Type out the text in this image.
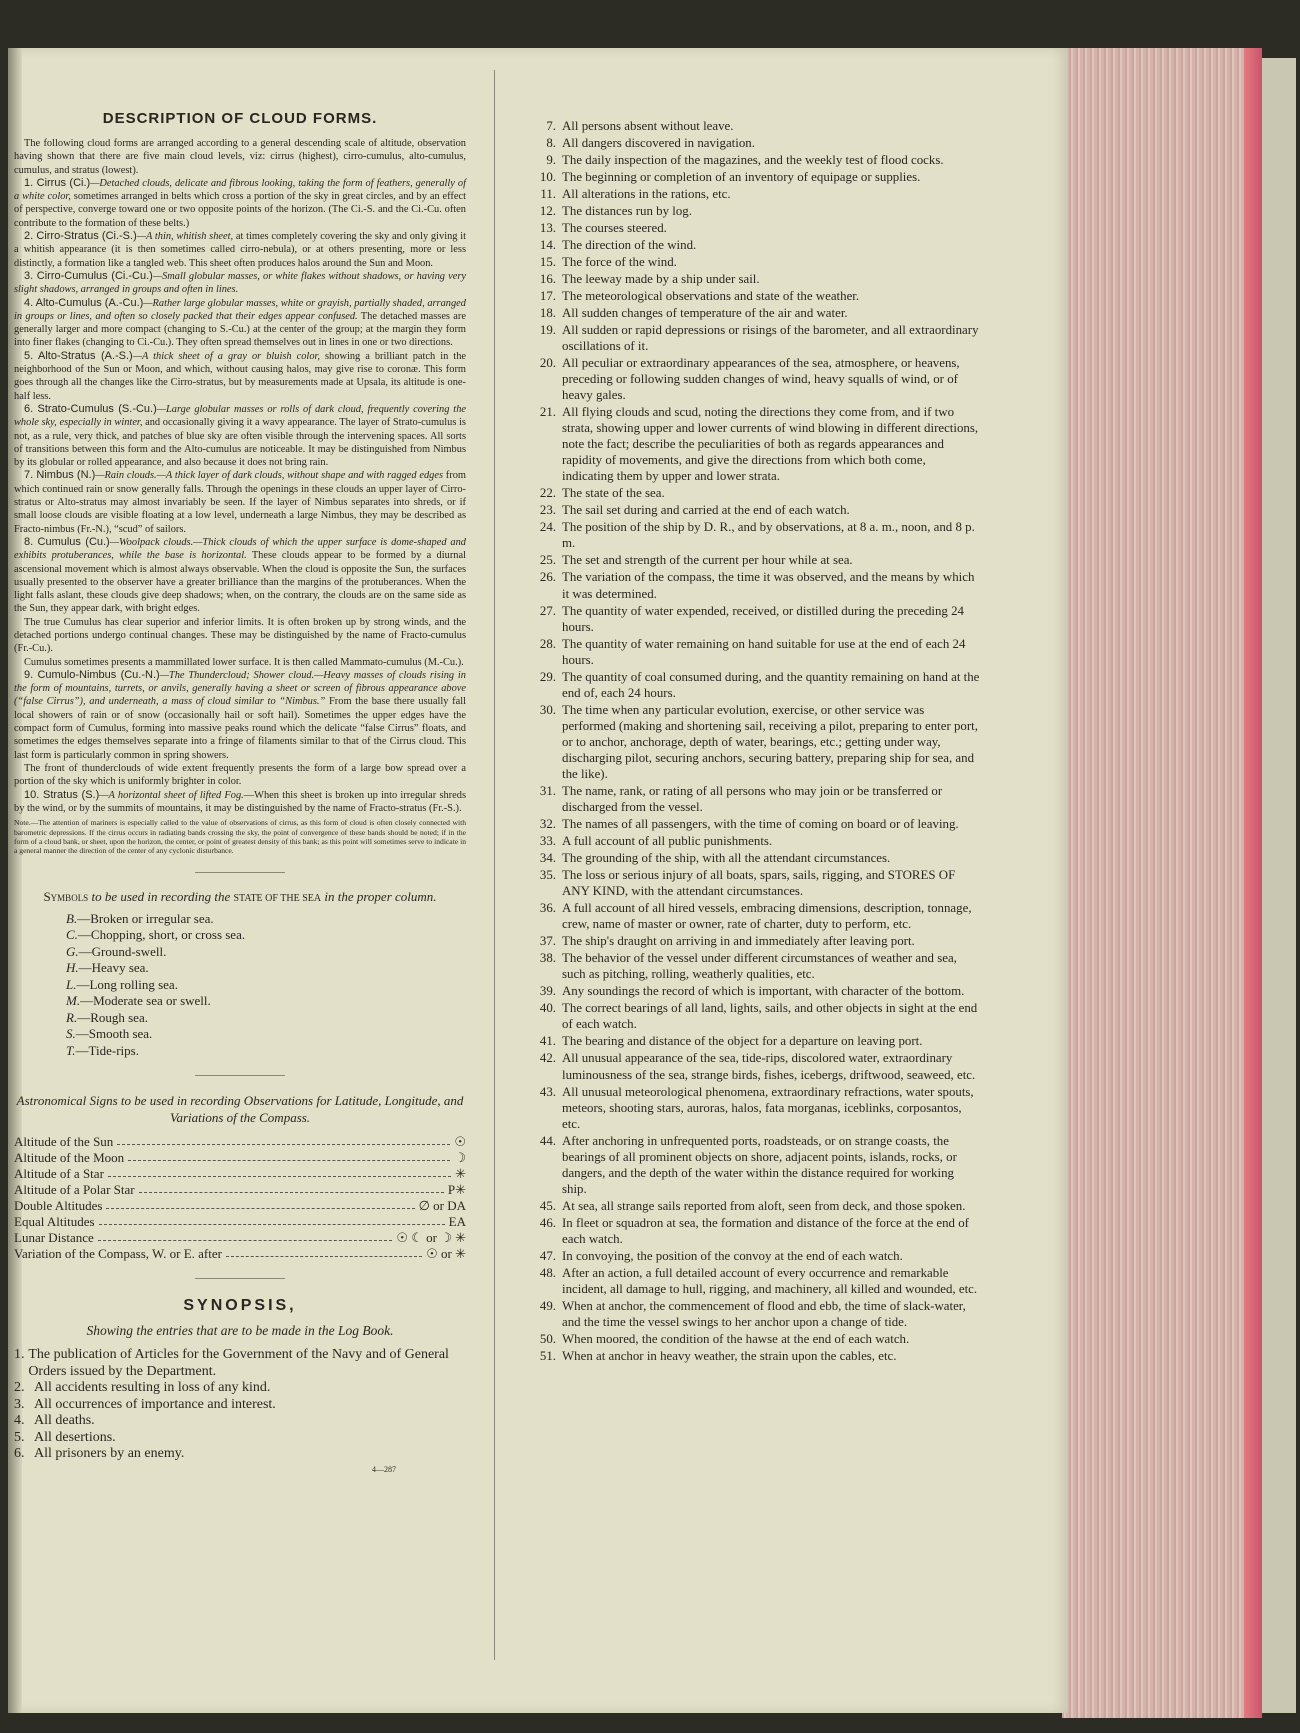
DESCRIPTION OF CLOUD FORMS.

The following cloud forms are arranged according to a general descending scale of altitude, observation having shown that there are five main cloud levels, viz: cirrus (highest), cirro-cumulus, alto-cumulus, cumulus, and stratus (lowest).

1. Cirrus (Ci.)—Detached clouds, delicate and fibrous looking, taking the form of feathers, generally of a white color, sometimes arranged in belts which cross a portion of the sky in great circles, and by an effect of perspective, converge toward one or two opposite points of the horizon. (The Ci.-S. and the Ci.-Cu. often contribute to the formation of these belts.)

2. Cirro-Stratus (Ci.-S.)—A thin, whitish sheet, at times completely covering the sky and only giving it a whitish appearance (it is then sometimes called cirro-nebula), or at others presenting, more or less distinctly, a formation like a tangled web. This sheet often produces halos around the Sun and Moon.

3. Cirro-Cumulus (Ci.-Cu.)—Small globular masses, or white flakes without shadows, or having very slight shadows, arranged in groups and often in lines.

4. Alto-Cumulus (A.-Cu.)—Rather large globular masses, white or grayish, partially shaded, arranged in groups or lines, and often so closely packed that their edges appear confused. The detached masses are generally larger and more compact (changing to S.-Cu.) at the center of the group; at the margin they form into finer flakes (changing to Ci.-Cu.). They often spread themselves out in lines in one or two directions.

5. Alto-Stratus (A.-S.)—A thick sheet of a gray or bluish color, showing a brilliant patch in the neighborhood of the Sun or Moon, and which, without causing halos, may give rise to coronæ. This form goes through all the changes like the Cirro-stratus, but by measurements made at Upsala, its altitude is one-half less.

6. Strato-Cumulus (S.-Cu.)—Large globular masses or rolls of dark cloud, frequently covering the whole sky, especially in winter, and occasionally giving it a wavy appearance. The layer of Strato-cumulus is not, as a rule, very thick, and patches of blue sky are often visible through the intervening spaces. All sorts of transitions between this form and the Alto-cumulus are noticeable. It may be distinguished from Nimbus by its globular or rolled appearance, and also because it does not bring rain.

7. Nimbus (N.)—Rain clouds.—A thick layer of dark clouds, without shape and with ragged edges from which continued rain or snow generally falls. Through the openings in these clouds an upper layer of Cirro-stratus or Alto-stratus may almost invariably be seen. If the layer of Nimbus separates into shreds, or if small loose clouds are visible floating at a low level, underneath a large Nimbus, they may be described as Fracto-nimbus (Fr.-N.), “scud” of sailors.

8. Cumulus (Cu.)—Woolpack clouds.—Thick clouds of which the upper surface is dome-shaped and exhibits protuberances, while the base is horizontal. These clouds appear to be formed by a diurnal ascensional movement which is almost always observable. When the cloud is opposite the Sun, the surfaces usually presented to the observer have a greater brilliance than the margins of the protuberances. When the light falls aslant, these clouds give deep shadows; when, on the contrary, the clouds are on the same side as the Sun, they appear dark, with bright edges.

The true Cumulus has clear superior and inferior limits. It is often broken up by strong winds, and the detached portions undergo continual changes. These may be distinguished by the name of Fracto-cumulus (Fr.-Cu.).

Cumulus sometimes presents a mammillated lower surface. It is then called Mammato-cumulus (M.-Cu.).

9. Cumulo-Nimbus (Cu.-N.)—The Thundercloud; Shower cloud.—Heavy masses of clouds rising in the form of mountains, turrets, or anvils, generally having a sheet or screen of fibrous appearance above (“false Cirrus”), and underneath, a mass of cloud similar to “Nimbus.” From the base there usually fall local showers of rain or of snow (occasionally hail or soft hail). Sometimes the upper edges have the compact form of Cumulus, forming into massive peaks round which the delicate “false Cirrus” floats, and sometimes the edges themselves separate into a fringe of filaments similar to that of the Cirrus cloud. This last form is particularly common in spring showers.

The front of thunderclouds of wide extent frequently presents the form of a large bow spread over a portion of the sky which is uniformly brighter in color.

10. Stratus (S.)—A horizontal sheet of lifted Fog.—When this sheet is broken up into irregular shreds by the wind, or by the summits of mountains, it may be distinguished by the name of Fracto-stratus (Fr.-S.).

Note.—The attention of mariners is especially called to the value of observations of cirrus, as this form of cloud is often closely connected with barometric depressions. If the cirrus occurs in radiating bands crossing the sky, the point of convergence of these bands should be noted; if in the form of a cloud bank, or sheet, upon the horizon, the center, or point of greatest density of this bank; as this point will sometimes serve to indicate in a general manner the direction of the center of any cyclonic disturbance.
Symbols to be used in recording the STATE OF THE SEA in the proper column.
B.—Broken or irregular sea.
C.—Chopping, short, or cross sea.
G.—Ground-swell.
H.—Heavy sea.
L.—Long rolling sea.
M.—Moderate sea or swell.
R.—Rough sea.
S.—Smooth sea.
T.—Tide-rips.
Astronomical Signs to be used in recording Observations for Latitude, Longitude, and Variations of the Compass.
Altitude of the Sun	☉
Altitude of the Moon	☽
Altitude of a Star	✳
Altitude of a Polar Star	P✳
Double Altitudes	∅ or DA
Equal Altitudes	EA
Lunar Distance	☉ ☾ or ☽ ✳
Variation of the Compass, W. or E. after	☉ or ✳
SYNOPSIS,
Showing the entries that are to be made in the Log Book.
1. The publication of Articles for the Government of the Navy and of General Orders issued by the Department.
2. All accidents resulting in loss of any kind.
3. All occurrences of importance and interest.
4. All deaths.
5. All desertions.
6. All prisoners by an enemy.
4—287
7. All persons absent without leave.
8. All dangers discovered in navigation.
9. The daily inspection of the magazines, and the weekly test of flood cocks.
10. The beginning or completion of an inventory of equipage or supplies.
11. All alterations in the rations, etc.
12. The distances run by log.
13. The courses steered.
14. The direction of the wind.
15. The force of the wind.
16. The leeway made by a ship under sail.
17. The meteorological observations and state of the weather.
18. All sudden changes of temperature of the air and water.
19. All sudden or rapid depressions or risings of the barometer, and all extraordinary oscillations of it.
20. All peculiar or extraordinary appearances of the sea, atmosphere, or heavens, preceding or following sudden changes of wind, heavy squalls of wind, or of heavy gales.
21. All flying clouds and scud, noting the directions they come from, and if two strata, showing upper and lower currents of wind blowing in different directions, note the fact; describe the peculiarities of both as regards appearances and rapidity of movements, and give the directions from which both come, indicating them by upper and lower strata.
22. The state of the sea.
23. The sail set during and carried at the end of each watch.
24. The position of the ship by D. R., and by observations, at 8 a. m., noon, and 8 p. m.
25. The set and strength of the current per hour while at sea.
26. The variation of the compass, the time it was observed, and the means by which it was determined.
27. The quantity of water expended, received, or distilled during the preceding 24 hours.
28. The quantity of water remaining on hand suitable for use at the end of each 24 hours.
29. The quantity of coal consumed during, and the quantity remaining on hand at the end of, each 24 hours.
30. The time when any particular evolution, exercise, or other service was performed (making and shortening sail, receiving a pilot, preparing to enter port, or to anchor, anchorage, depth of water, bearings, etc.; getting under way, discharging pilot, securing anchors, securing battery, preparing ship for sea, and the like).
31. The name, rank, or rating of all persons who may join or be transferred or discharged from the vessel.
32. The names of all passengers, with the time of coming on board or of leaving.
33. A full account of all public punishments.
34. The grounding of the ship, with all the attendant circumstances.
35. The loss or serious injury of all boats, spars, sails, rigging, and STORES OF ANY KIND, with the attendant circumstances.
36. A full account of all hired vessels, embracing dimensions, description, tonnage, crew, name of master or owner, rate of charter, duty to perform, etc.
37. The ship's draught on arriving in and immediately after leaving port.
38. The behavior of the vessel under different circumstances of weather and sea, such as pitching, rolling, weatherly qualities, etc.
39. Any soundings the record of which is important, with character of the bottom.
40. The correct bearings of all land, lights, sails, and other objects in sight at the end of each watch.
41. The bearing and distance of the object for a departure on leaving port.
42. All unusual appearance of the sea, tide-rips, discolored water, extraordinary luminousness of the sea, strange birds, fishes, icebergs, driftwood, seaweed, etc.
43. All unusual meteorological phenomena, extraordinary refractions, water spouts, meteors, shooting stars, auroras, halos, fata morganas, iceblinks, corposantos, etc.
44. After anchoring in unfrequented ports, roadsteads, or on strange coasts, the bearings of all prominent objects on shore, adjacent points, islands, rocks, or dangers, and the depth of the water within the distance required for working ship.
45. At sea, all strange sails reported from aloft, seen from deck, and those spoken.
46. In fleet or squadron at sea, the formation and distance of the force at the end of each watch.
47. In convoying, the position of the convoy at the end of each watch.
48. After an action, a full detailed account of every occurrence and remarkable incident, all damage to hull, rigging, and machinery, all killed and wounded, etc.
49. When at anchor, the commencement of flood and ebb, the time of slack-water, and the time the vessel swings to her anchor upon a change of tide.
50. When moored, the condition of the hawse at the end of each watch.
51. When at anchor in heavy weather, the strain upon the cables, etc.
